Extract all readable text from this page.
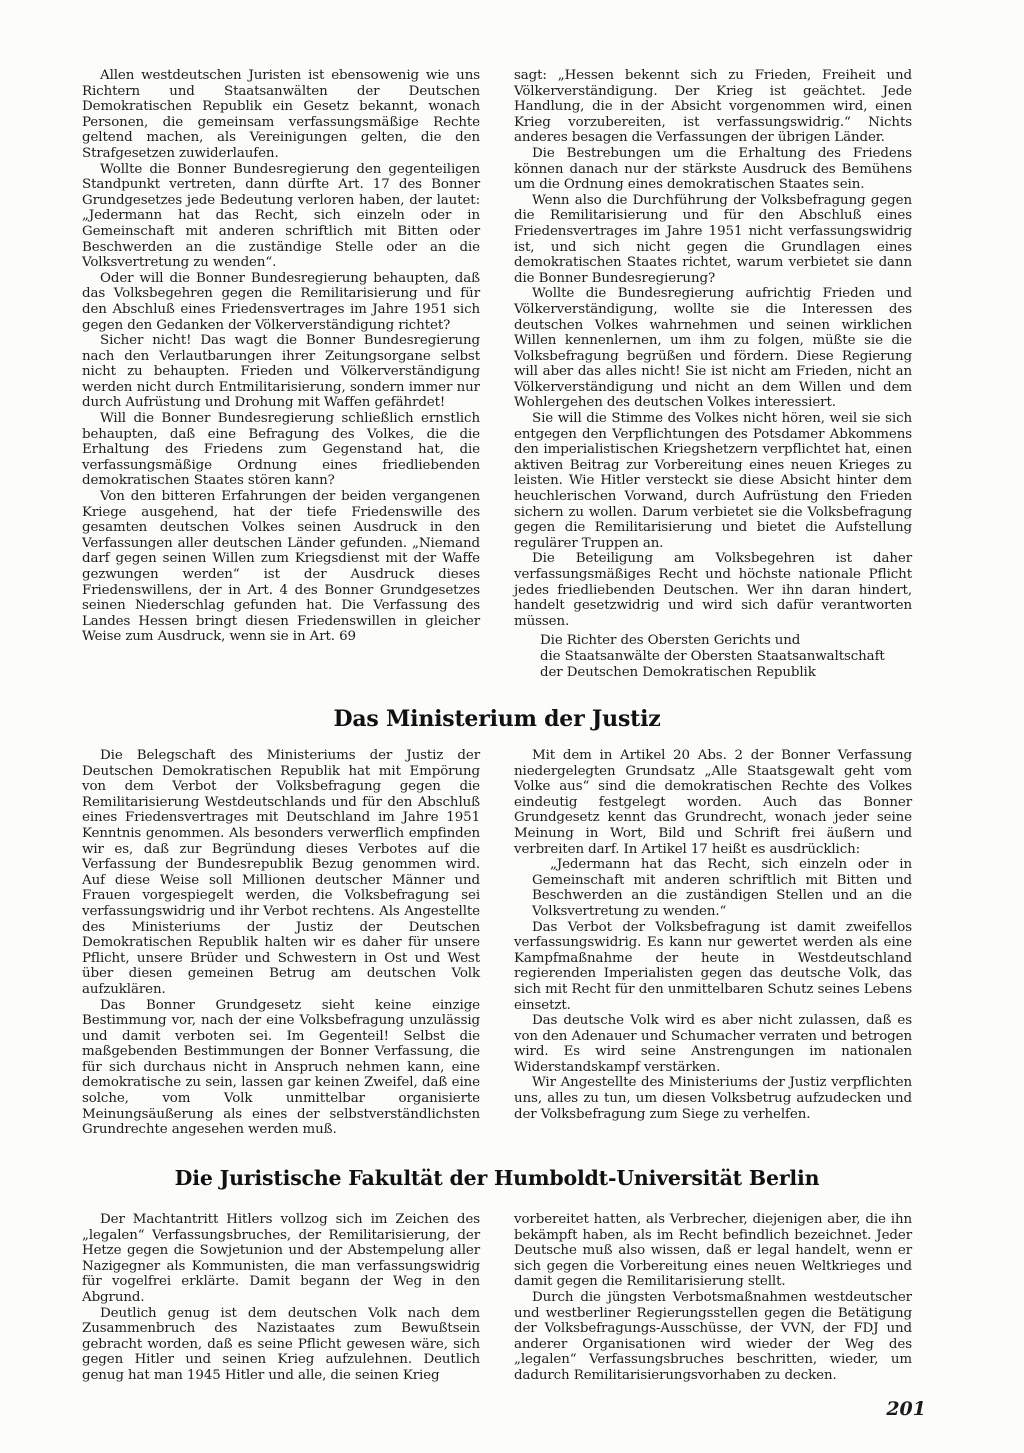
Allen westdeutschen Juristen ist ebensowenig wie uns Richtern und Staatsanwälten der Deutschen Demokratischen Republik ein Gesetz bekannt, wonach Personen, die gemeinsam verfassungsmäßige Rechte geltend machen, als Vereinigungen gelten, die den Strafgesetzen zuwiderlaufen.

Wollte die Bonner Bundesregierung den gegenteiligen Standpunkt vertreten, dann dürfte Art. 17 des Bonner Grundgesetzes jede Bedeutung verloren haben, der lautet: „Jedermann hat das Recht, sich einzeln oder in Gemeinschaft mit anderen schriftlich mit Bitten oder Beschwerden an die zuständige Stelle oder an die Volksvertretung zu wenden“.

Oder will die Bonner Bundesregierung behaupten, daß das Volksbegehren gegen die Remilitarisierung und für den Abschluß eines Friedensvertrages im Jahre 1951 sich gegen den Gedanken der Völkerverständigung richtet?

Sicher nicht! Das wagt die Bonner Bundesregierung nach den Verlautbarungen ihrer Zeitungsorgane selbst nicht zu behaupten. Frieden und Völkerverständigung werden nicht durch Entmilitarisierung, sondern immer nur durch Aufrüstung und Drohung mit Waffen gefährdet!

Will die Bonner Bundesregierung schließlich ernstlich behaupten, daß eine Befragung des Volkes, die die Erhaltung des Friedens zum Gegenstand hat, die verfassungsmäßige Ordnung eines friedliebenden demokratischen Staates stören kann?

Von den bitteren Erfahrungen der beiden vergangenen Kriege ausgehend, hat der tiefe Friedenswille des gesamten deutschen Volkes seinen Ausdruck in den Verfassungen aller deutschen Länder gefunden. „Niemand darf gegen seinen Willen zum Kriegsdienst mit der Waffe gezwungen werden“ ist der Ausdruck dieses Friedenswillens, der in Art. 4 des Bonner Grundgesetzes seinen Niederschlag gefunden hat. Die Verfassung des Landes Hessen bringt diesen Friedenswillen in gleicher Weise zum Ausdruck, wenn sie in Art. 69

sagt: „Hessen bekennt sich zu Frieden, Freiheit und Völkerverständigung. Der Krieg ist geächtet. Jede Handlung, die in der Absicht vorgenommen wird, einen Krieg vorzubereiten, ist verfassungswidrig.“ Nichts anderes besagen die Verfassungen der übrigen Länder.

Die Bestrebungen um die Erhaltung des Friedens können danach nur der stärkste Ausdruck des Bemühens um die Ordnung eines demokratischen Staates sein.

Wenn also die Durchführung der Volksbefragung gegen die Remilitarisierung und für den Abschluß eines Friedensvertrages im Jahre 1951 nicht verfassungswidrig ist, und sich nicht gegen die Grundlagen eines demokratischen Staates richtet, warum verbietet sie dann die Bonner Bundesregierung?

Wollte die Bundesregierung aufrichtig Frieden und Völkerverständigung, wollte sie die Interessen des deutschen Volkes wahrnehmen und seinen wirklichen Willen kennenlernen, um ihm zu folgen, müßte sie die Volksbefragung begrüßen und fördern. Diese Regierung will aber das alles nicht! Sie ist nicht am Frieden, nicht an Völkerverständigung und nicht an dem Willen und dem Wohlergehen des deutschen Volkes interessiert.

Sie will die Stimme des Volkes nicht hören, weil sie sich entgegen den Verpflichtungen des Potsdamer Abkommens den imperialistischen Kriegshetzern verpflichtet hat, einen aktiven Beitrag zur Vorbereitung eines neuen Krieges zu leisten. Wie Hitler versteckt sie diese Absicht hinter dem heuchlerischen Vorwand, durch Aufrüstung den Frieden sichern zu wollen. Darum verbietet sie die Volksbefragung gegen die Remilitarisierung und bietet die Aufstellung regulärer Truppen an.

Die Beteiligung am Volksbegehren ist daher verfassungsmäßiges Recht und höchste nationale Pflicht jedes friedliebenden Deutschen. Wer ihn daran hindert, handelt gesetzwidrig und wird sich dafür verantworten müssen.

Die Richter des Obersten Gerichts und

die Staatsanwälte der Obersten Staatsanwaltschaft

der Deutschen Demokratischen Republik

Das Ministerium der Justiz

Die Belegschaft des Ministeriums der Justiz der Deutschen Demokratischen Republik hat mit Empörung von dem Verbot der Volksbefragung gegen die Remilitarisierung Westdeutschlands und für den Abschluß eines Friedensvertrages mit Deutschland im Jahre 1951 Kenntnis genommen. Als besonders verwerflich empfinden wir es, daß zur Begründung dieses Verbotes auf die Verfassung der Bundesrepublik Bezug genommen wird. Auf diese Weise soll Millionen deutscher Männer und Frauen vorgespiegelt werden, die Volksbefragung sei verfassungswidrig und ihr Verbot rechtens. Als Angestellte des Ministeriums der Justiz der Deutschen Demokratischen Republik halten wir es daher für unsere Pflicht, unsere Brüder und Schwestern in Ost und West über diesen gemeinen Betrug am deutschen Volk aufzuklären.

Das Bonner Grundgesetz sieht keine einzige Bestimmung vor, nach der eine Volksbefragung unzulässig und damit verboten sei. Im Gegenteil! Selbst die maßgebenden Bestimmungen der Bonner Verfassung, die für sich durchaus nicht in Anspruch nehmen kann, eine demokratische zu sein, lassen gar keinen Zweifel, daß eine solche, vom Volk unmittelbar organisierte Meinungsäußerung als eines der selbstverständlichsten Grundrechte angesehen werden muß.

Mit dem in Artikel 20 Abs. 2 der Bonner Verfassung niedergelegten Grundsatz „Alle Staatsgewalt geht vom Volke aus“ sind die demokratischen Rechte des Volkes eindeutig festgelegt worden. Auch das Bonner Grundgesetz kennt das Grundrecht, wonach jeder seine Meinung in Wort, Bild und Schrift frei äußern und verbreiten darf. In Artikel 17 heißt es ausdrücklich:

„Jedermann hat das Recht, sich einzeln oder in Gemeinschaft mit anderen schriftlich mit Bitten und Beschwerden an die zuständigen Stellen und an die Volksvertretung zu wenden.“

Das Verbot der Volksbefragung ist damit zweifellos verfassungswidrig. Es kann nur gewertet werden als eine Kampfmaßnahme der heute in Westdeutschland regierenden Imperialisten gegen das deutsche Volk, das sich mit Recht für den unmittelbaren Schutz seines Lebens einsetzt.

Das deutsche Volk wird es aber nicht zulassen, daß es von den Adenauer und Schumacher verraten und betrogen wird. Es wird seine Anstrengungen im nationalen Widerstandskampf verstärken.

Wir Angestellte des Ministeriums der Justiz verpflichten uns, alles zu tun, um diesen Volksbetrug aufzudecken und der Volksbefragung zum Siege zu verhelfen.

Die Juristische Fakultät der Humboldt-Universität Berlin

Der Machtantritt Hitlers vollzog sich im Zeichen des „legalen“ Verfassungsbruches, der Remilitarisierung, der Hetze gegen die Sowjetunion und der Abstempelung aller Nazigegner als Kommunisten, die man verfassungswidrig für vogelfrei erklärte. Damit begann der Weg in den Abgrund.

Deutlich genug ist dem deutschen Volk nach dem Zusammenbruch des Nazistaates zum Bewußtsein gebracht worden, daß es seine Pflicht gewesen wäre, sich gegen Hitler und seinen Krieg aufzulehnen. Deutlich genug hat man 1945 Hitler und alle, die seinen Krieg

vorbereitet hatten, als Verbrecher, diejenigen aber, die ihn bekämpft haben, als im Recht befindlich bezeichnet. Jeder Deutsche muß also wissen, daß er legal handelt, wenn er sich gegen die Vorbereitung eines neuen Weltkrieges und damit gegen die Remilitarisierung stellt.

Durch die jüngsten Verbotsmaßnahmen westdeutscher und westberliner Regierungsstellen gegen die Betätigung der Volksbefragungs-Ausschüsse, der VVN, der FDJ und anderer Organisationen wird wieder der Weg des „legalen“ Verfassungsbruches beschritten, wieder, um dadurch Remilitarisierungsvorhaben zu decken.

201
